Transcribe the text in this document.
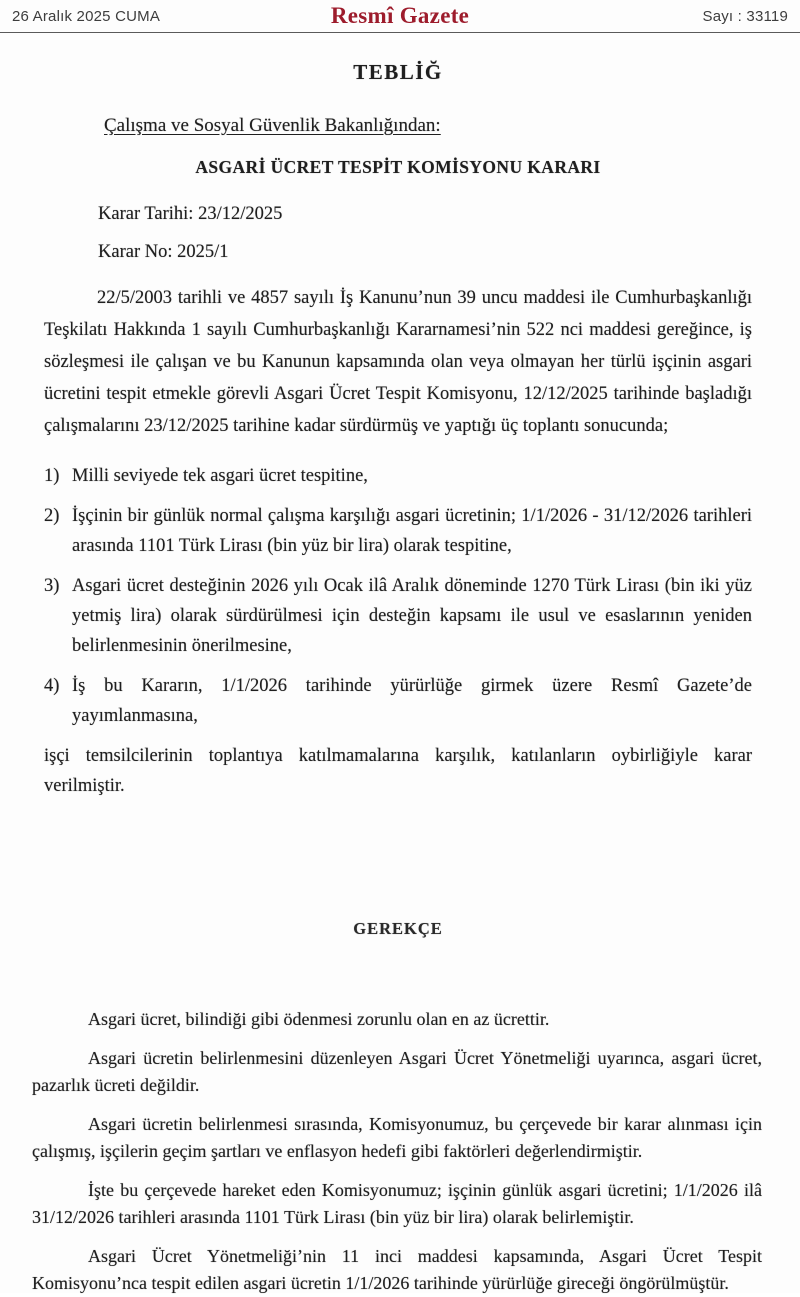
26 Aralık 2025 CUMA	Resmî Gazete	Sayı : 33119
TEBLİĞ

Çalışma ve Sosyal Güvenlik Bakanlığından:

ASGARİ ÜCRET TESPİT KOMİSYONU KARARI

Karar Tarihi: 23/12/2025

Karar No: 2025/1

22/5/2003 tarihli ve 4857 sayılı İş Kanunu’nun 39 uncu maddesi ile Cumhurbaşkanlığı Teşkilatı Hakkında 1 sayılı Cumhurbaşkanlığı Kararnamesi’nin 522 nci maddesi gereğince, iş sözleşmesi ile çalışan ve bu Kanunun kapsamında olan veya olmayan her türlü işçinin asgari ücretini tespit etmekle görevli Asgari Ücret Tespit Komisyonu, 12/12/2025 tarihinde başladığı çalışmalarını 23/12/2025 tarihine kadar sürdürmüş ve yaptığı üç toplantı sonucunda;

1) Milli seviyede tek asgari ücret tespitine,
2) İşçinin bir günlük normal çalışma karşılığı asgari ücretinin; 1/1/2026 - 31/12/2026 tarihleri arasında 1101 Türk Lirası (bin yüz bir lira) olarak tespitine,
3) Asgari ücret desteğinin 2026 yılı Ocak ilâ Aralık döneminde 1270 Türk Lirası (bin iki yüz yetmiş lira) olarak sürdürülmesi için desteğin kapsamı ile usul ve esaslarının yeniden belirlenmesinin önerilmesine,
4) İş bu Kararın, 1/1/2026 tarihinde yürürlüğe girmek üzere Resmî Gazete’de yayımlanmasına,

işçi temsilcilerinin toplantıya katılmamalarına karşılık, katılanların oybirliğiyle karar verilmiştir.

GEREKÇE

Asgari ücret, bilindiği gibi ödenmesi zorunlu olan en az ücrettir.

Asgari ücretin belirlenmesini düzenleyen Asgari Ücret Yönetmeliği uyarınca, asgari ücret, pazarlık ücreti değildir.

Asgari ücretin belirlenmesi sırasında, Komisyonumuz, bu çerçevede bir karar alınması için çalışmış, işçilerin geçim şartları ve enflasyon hedefi gibi faktörleri değerlendirmiştir.

İşte bu çerçevede hareket eden Komisyonumuz; işçinin günlük asgari ücretini; 1/1/2026 ilâ 31/12/2026 tarihleri arasında 1101 Türk Lirası (bin yüz bir lira) olarak belirlemiştir.

Asgari Ücret Yönetmeliği’nin 11 inci maddesi kapsamında, Asgari Ücret Tespit Komisyonu’nca tespit edilen asgari ücretin 1/1/2026 tarihinde yürürlüğe gireceği öngörülmüştür.
